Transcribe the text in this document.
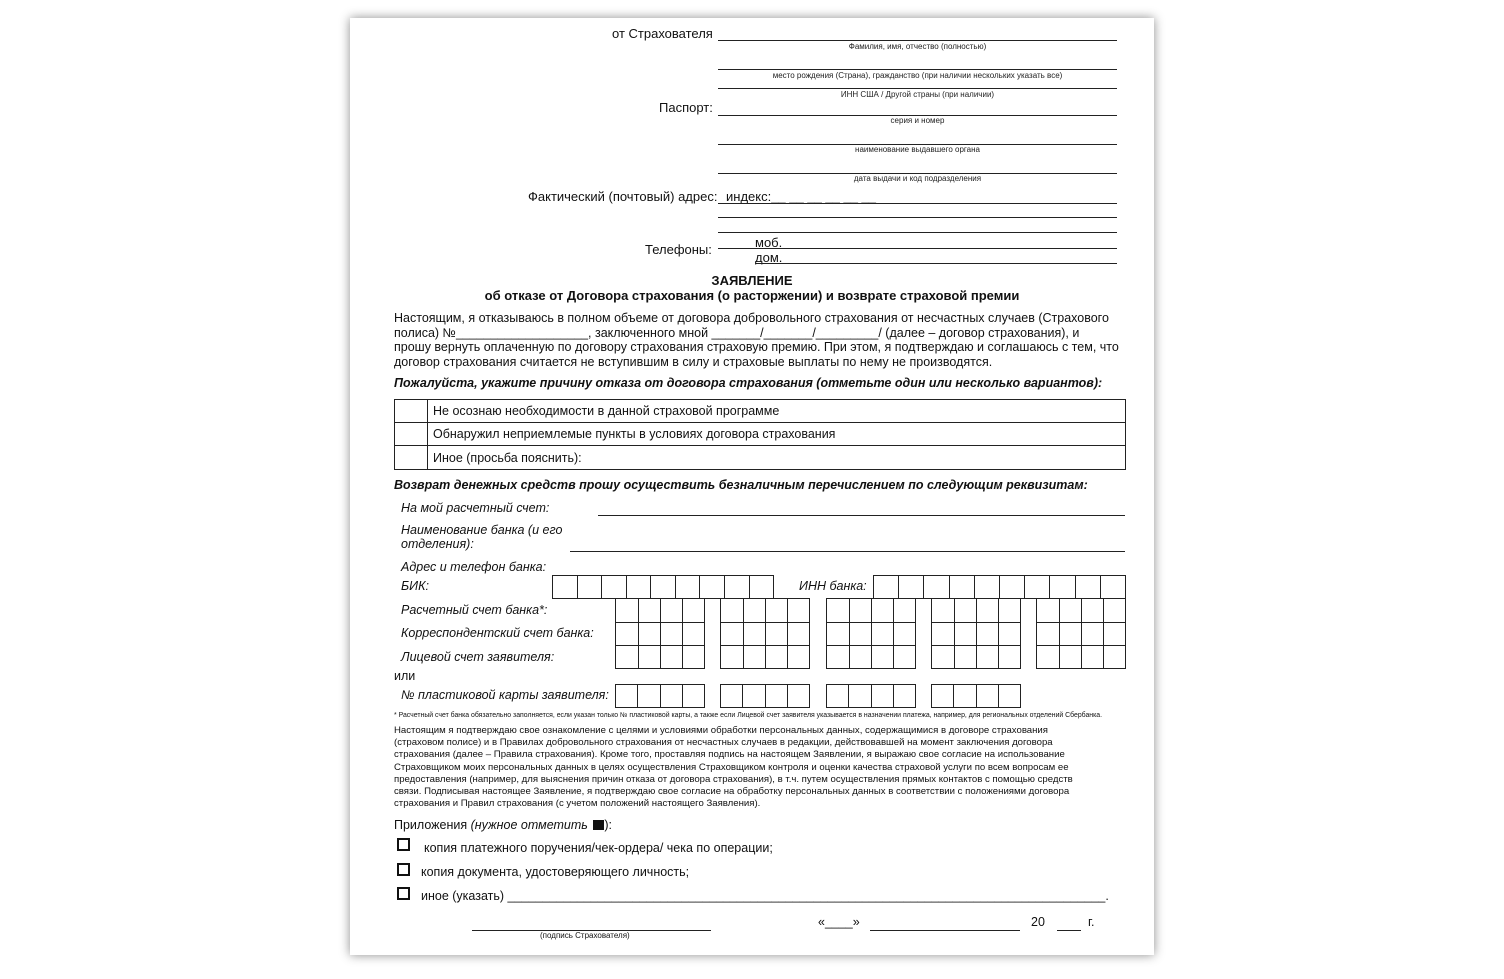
от Страхователя
Фамилия, имя, отчество (полностью)
место рождения (Страна), гражданство (при наличии нескольких указать все)
ИНН США / Другой страны (при наличии)
Паспорт:
серия и номер
наименование выдавшего органа
дата выдачи и код подразделения
Фактический (почтовый) адрес: индекс:__ __ __ __ __ __
Телефоны:	моб.
дом.
ЗАЯВЛЕНИЕ
об отказе от Договора страхования (о расторжении) и возврате страховой премии
Настоящим, я отказываюсь в полном объеме от договора добровольного страхования от несчастных случаев (Страхового
полиса) №___________________, заключенного мной _______/_______/_________/ (далее – договор страхования), и
прошу вернуть оплаченную по договору страхования страховую премию. При этом, я подтверждаю и соглашаюсь с тем, что
договор страхования считается не вступившим в силу и страховые выплаты по нему не производятся.
Пожалуйста, укажите причину отказа от договора страхования (отметьте один или несколько вариантов):
Не осознаю необходимости в данной страховой программе
Обнаружил неприемлемые пункты в условиях договора страхования
Иное (просьба пояснить):
Возврат денежных средств прошу осуществить безналичным перечислением по следующим реквизитам:
На мой расчетный счет:
Наименование банка (и его
отделения):
Адрес и телефон банка:
БИК:	ИНН банка:
Расчетный счет банка*:
Корреспондентский счет банка:
Лицевой счет заявителя:
или
№ пластиковой карты заявителя:
* Расчетный счет банка обязательно заполняется, если указан только № пластиковой карты, а также если Лицевой счет заявителя указывается в назначении платежа, например, для региональных отделений Сбербанка.
Настоящим я подтверждаю свое ознакомление с целями и условиями обработки персональных данных, содержащимися в договоре страхования
(страховом полисе) и в Правилах добровольного страхования от несчастных случаев в редакции, действовавшей на момент заключения договора
страхования (далее – Правила страхования). Кроме того, проставляя подпись на настоящем Заявлении, я выражаю свое согласие на использование
Страховщиком моих персональных данных в целях осуществления Страховщиком контроля и оценки качества страховой услуги по всем вопросам ее
предоставления (например, для выяснения причин отказа от договора страхования), в т.ч. путем осуществления прямых контактов с помощью средств
связи. Подписывая настоящее Заявление, я подтверждаю свое согласие на обработку персональных данных в соответствии с положениями договора
страхования и Правил страхования (с учетом положений настоящего Заявления).
Приложения (нужное отметить ):
копия платежного поручения/чек-ордера/ чека по операции;
копия документа, удостоверяющего личность;
иное (указать) ______________________________________________________________________________________.
(подпись Страхователя)
«____»	20	г.
